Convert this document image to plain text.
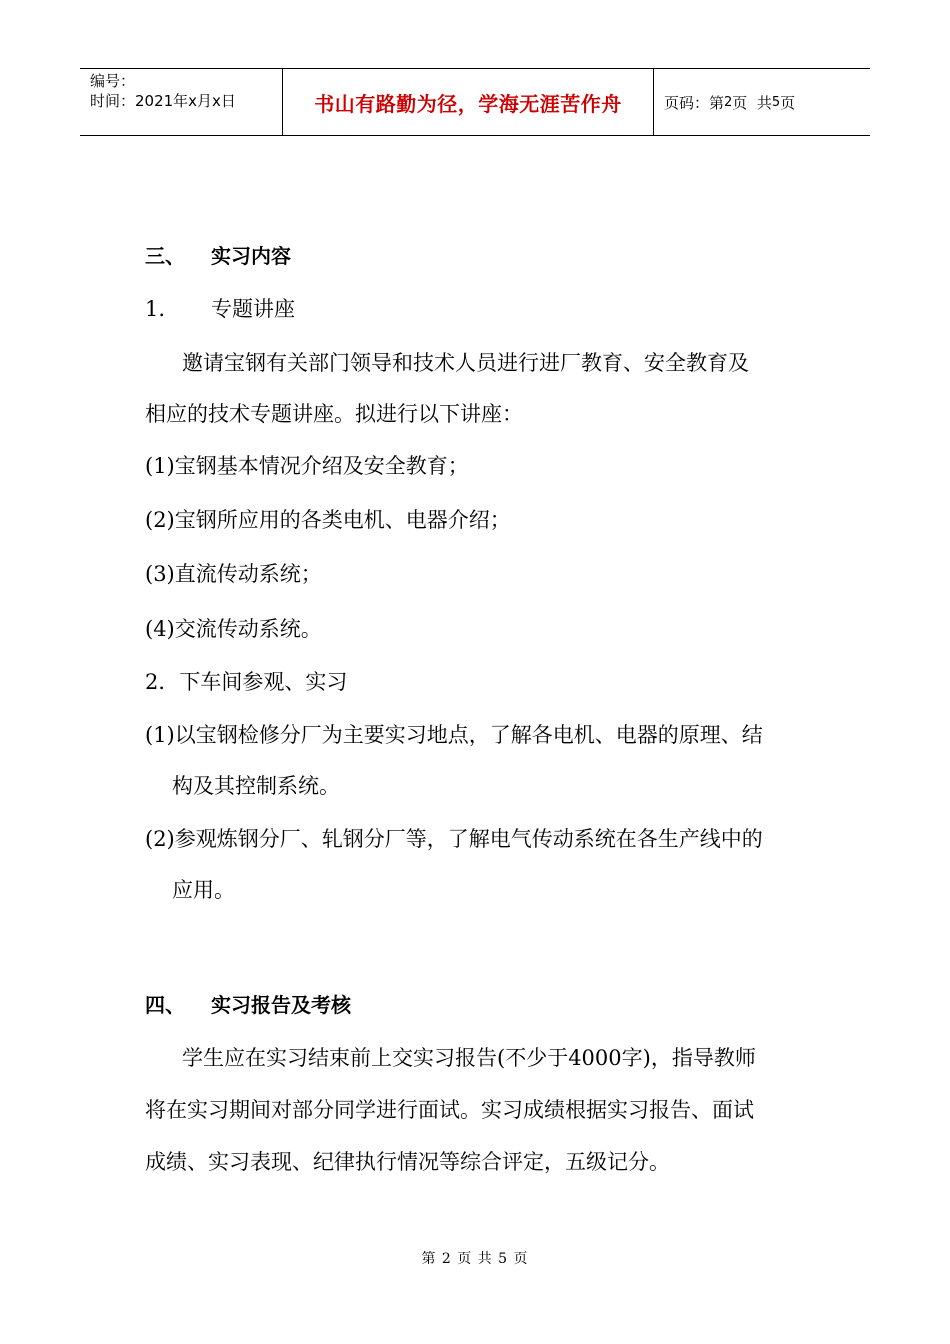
编号：
时间：2021年x月x日	书山有路勤为径，学海无涯苦作舟	页码：第 2 页  共 5 页
三、 实习内容
1. 专题讲座
邀请宝钢有关部门领导和技术人员进行进厂教育、安全教育及
相应的技术专题讲座。拟进行以下讲座：
(1)宝钢基本情况介绍及安全教育；
(2)宝钢所应用的各类电机、电器介绍；
(3)直流传动系统；
(4)交流传动系统。
2．下车间参观、实习
(1)以宝钢检修分厂为主要实习地点，了解各电机、电器的原理、结
构及其控制系统。
(2)参观炼钢分厂、轧钢分厂等，了解电气传动系统在各生产线中的
应用。
四、 实习报告及考核
学生应在实习结束前上交实习报告(不少于4000字)，指导教师
将在实习期间对部分同学进行面试。实习成绩根据实习报告、面试
成绩、实习表现、纪律执行情况等综合评定，五级记分。
第 2 页 共 5 页
